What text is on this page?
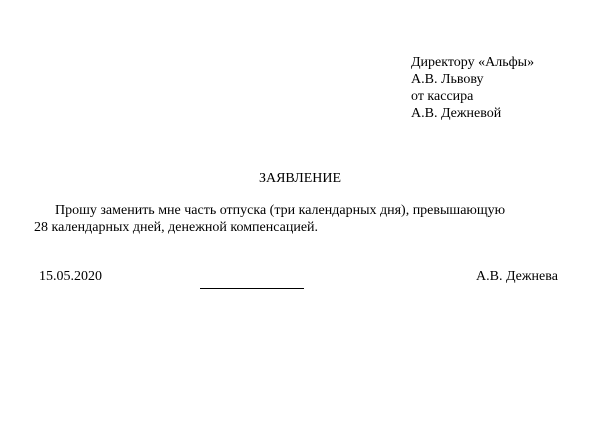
Директору «Альфы»
А.В. Львову
от кассира
А.В. Дежневой
ЗАЯВЛЕНИЕ
Прошу заменить мне часть отпуска (три календарных дня), превышающую
28 календарных дней, денежной компенсацией.
15.05.2020	А.В. Дежнева
